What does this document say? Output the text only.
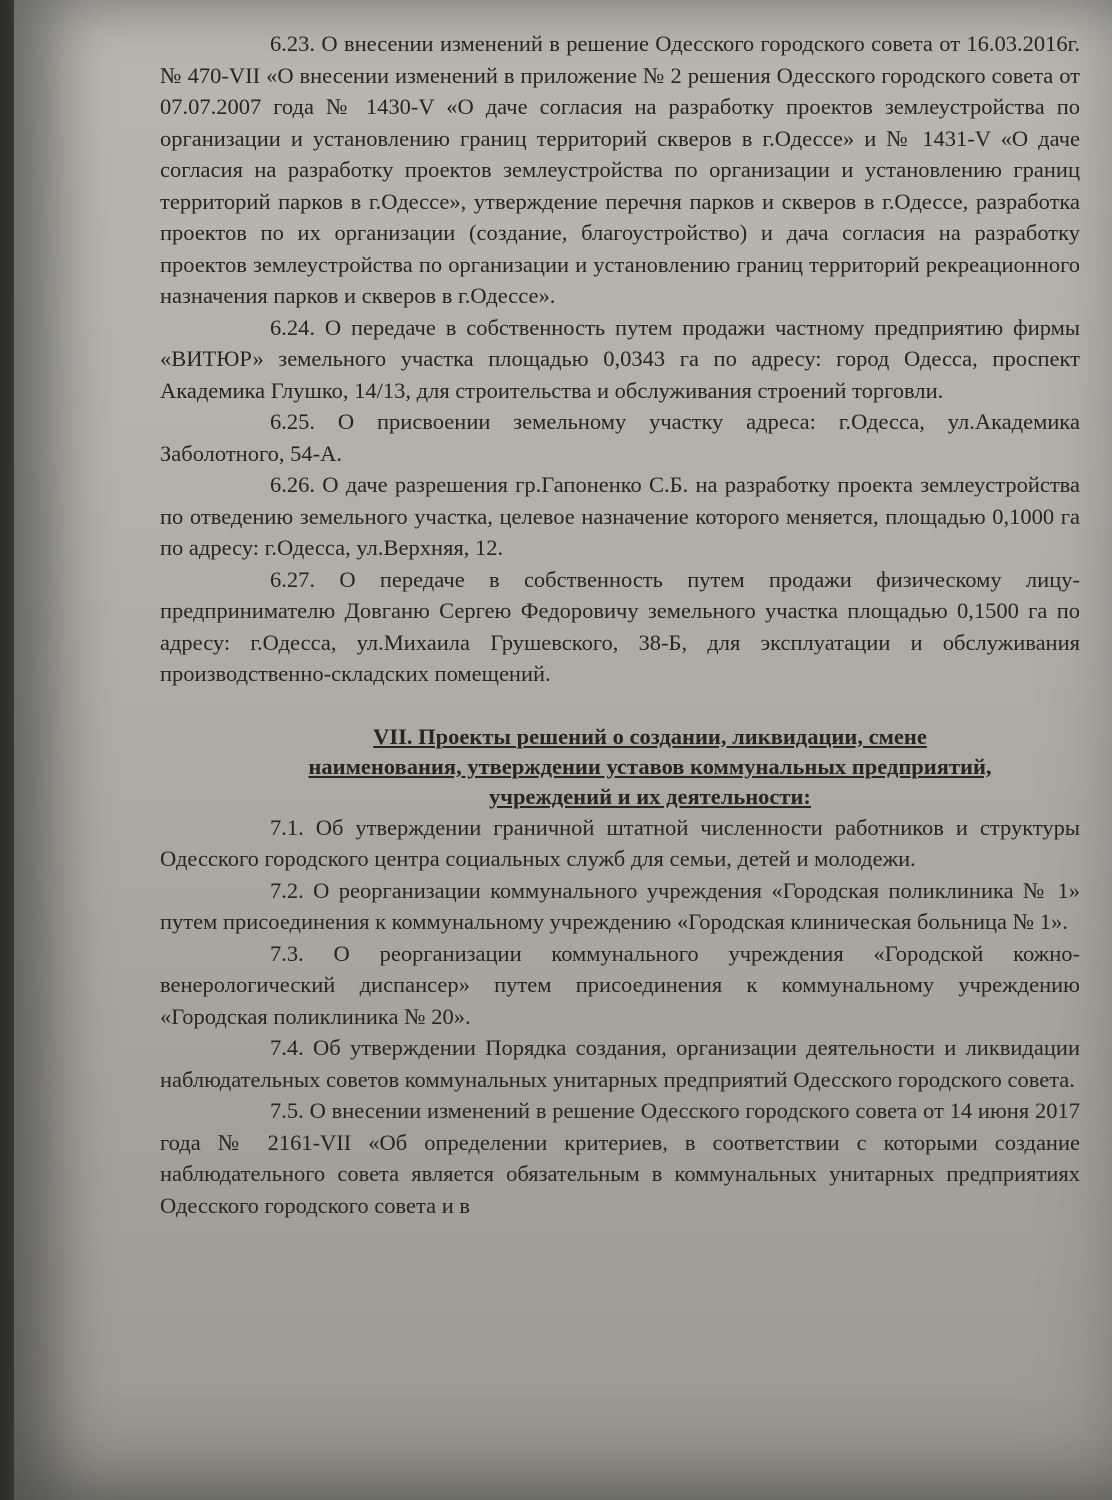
6.23. О внесении изменений в решение Одесского городского совета от 16.03.2016г. № 470-VII «О внесении изменений в приложение № 2 решения Одесского городского совета от 07.07.2007 года № 1430-V «О даче согласия на разработку проектов землеустройства по организации и установлению границ территорий скверов в г.Одессе» и № 1431-V «О даче согласия на разработку проектов землеустройства по организации и установлению границ территорий парков в г.Одессе», утверждение перечня парков и скверов в г.Одессе, разработка проектов по их организации (создание, благоустройство) и дача согласия на разработку проектов землеустройства по организации и установлению границ территорий рекреационного назначения парков и скверов в г.Одессе».

6.24. О передаче в собственность путем продажи частному предприятию фирмы «ВИТЮР» земельного участка площадью 0,0343 га по адресу: город Одесса, проспект Академика Глушко, 14/13, для строительства и обслуживания строений торговли.

6.25. О присвоении земельному участку адреса: г.Одесса, ул.Академика Заболотного, 54-А.

6.26. О даче разрешения гр.Гапоненко С.Б. на разработку проекта землеустройства по отведению земельного участка, целевое назначение которого меняется, площадью 0,1000 га по адресу: г.Одесса, ул.Верхняя, 12.

6.27. О передаче в собственность путем продажи физическому лицу-предпринимателю Довганю Сергею Федоровичу земельного участка площадью 0,1500 га по адресу: г.Одесса, ул.Михаила Грушевского, 38-Б, для эксплуатации и обслуживания производственно-складских помещений.

VII. Проекты решений о создании, ликвидации, смене
наименования, утверждении уставов коммунальных предприятий,
учреждений и их деятельности:

7.1. Об утверждении граничной штатной численности работников и структуры Одесского городского центра социальных служб для семьи, детей и молодежи.

7.2. О реорганизации коммунального учреждения «Городская поликлиника № 1» путем присоединения к коммунальному учреждению «Городская клиническая больница № 1».

7.3. О реорганизации коммунального учреждения «Городской кожно-венерологический диспансер» путем присоединения к коммунальному учреждению «Городская поликлиника № 20».

7.4. Об утверждении Порядка создания, организации деятельности и ликвидации наблюдательных советов коммунальных унитарных предприятий Одесского городского совета.

7.5. О внесении изменений в решение Одесского городского совета от 14 июня 2017 года № 2161-VII «Об определении критериев, в соответствии с которыми создание наблюдательного совета является обязательным в коммунальных унитарных предприятиях Одесского городского совета и в
